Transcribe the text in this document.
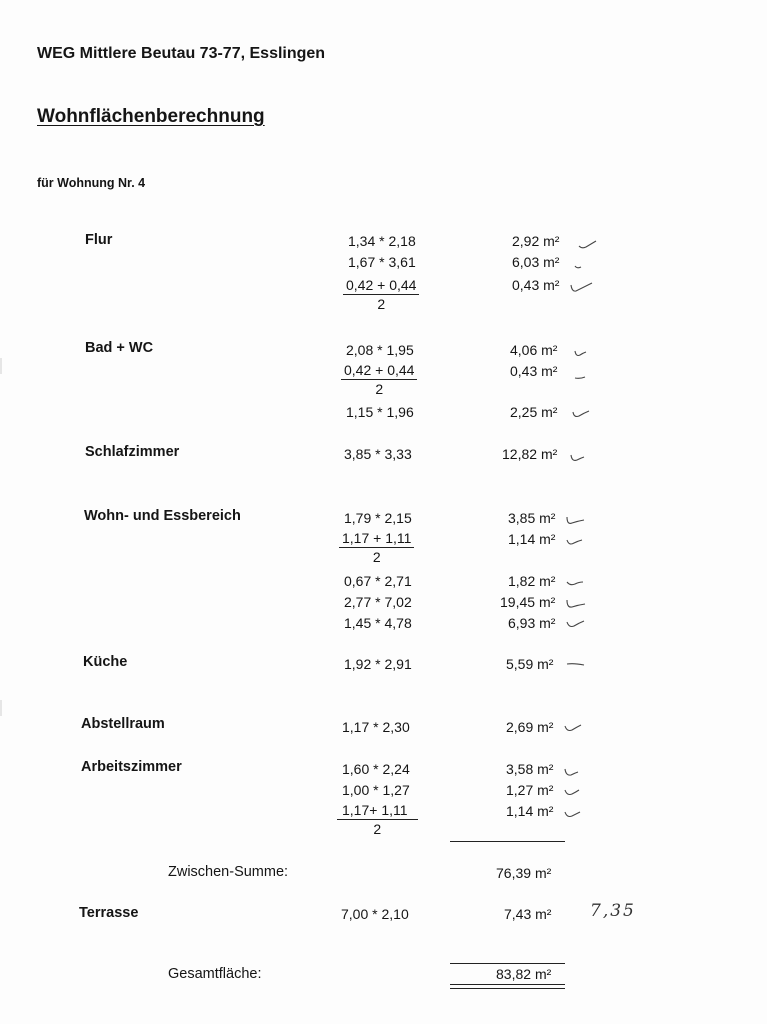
WEG Mittlere Beutau 73-77, Esslingen
Wohnflächenberechnung
für Wohnung Nr. 4
Flur	1,34 * 2,18	2,92 m²
1,67 * 3,61	6,03 m²
$\frac{0,42 + 0,44}{2}$	0,43 m²
Bad + WC	2,08 * 1,95	4,06 m²
$\frac{0,42 + 0,44}{2}$	0,43 m²
1,15 * 1,96	2,25 m²
Schlafzimmer	3,85 * 3,33	12,82 m²
Wohn- und Essbereich	1,79 * 2,15	3,85 m²
$\frac{1,17 + 1,11}{2}$	1,14 m²
0,67 * 2,71	1,82 m²
2,77 * 7,02	19,45 m²
1,45 * 4,78	6,93 m²
Küche	1,92 * 2,91	5,59 m²
Abstellraum	1,17 * 2,30	2,69 m²
Arbeitszimmer	1,60 * 2,24	3,58 m²
1,00 * 1,27	1,27 m²
$\frac{1,17+ 1,11}{2}$	1,14 m²
Zwischen-Summe:	76,39 m²
Terrasse	7,00 * 2,10	7,43 m² 7,35
Gesamtfläche:	83,82 m²
